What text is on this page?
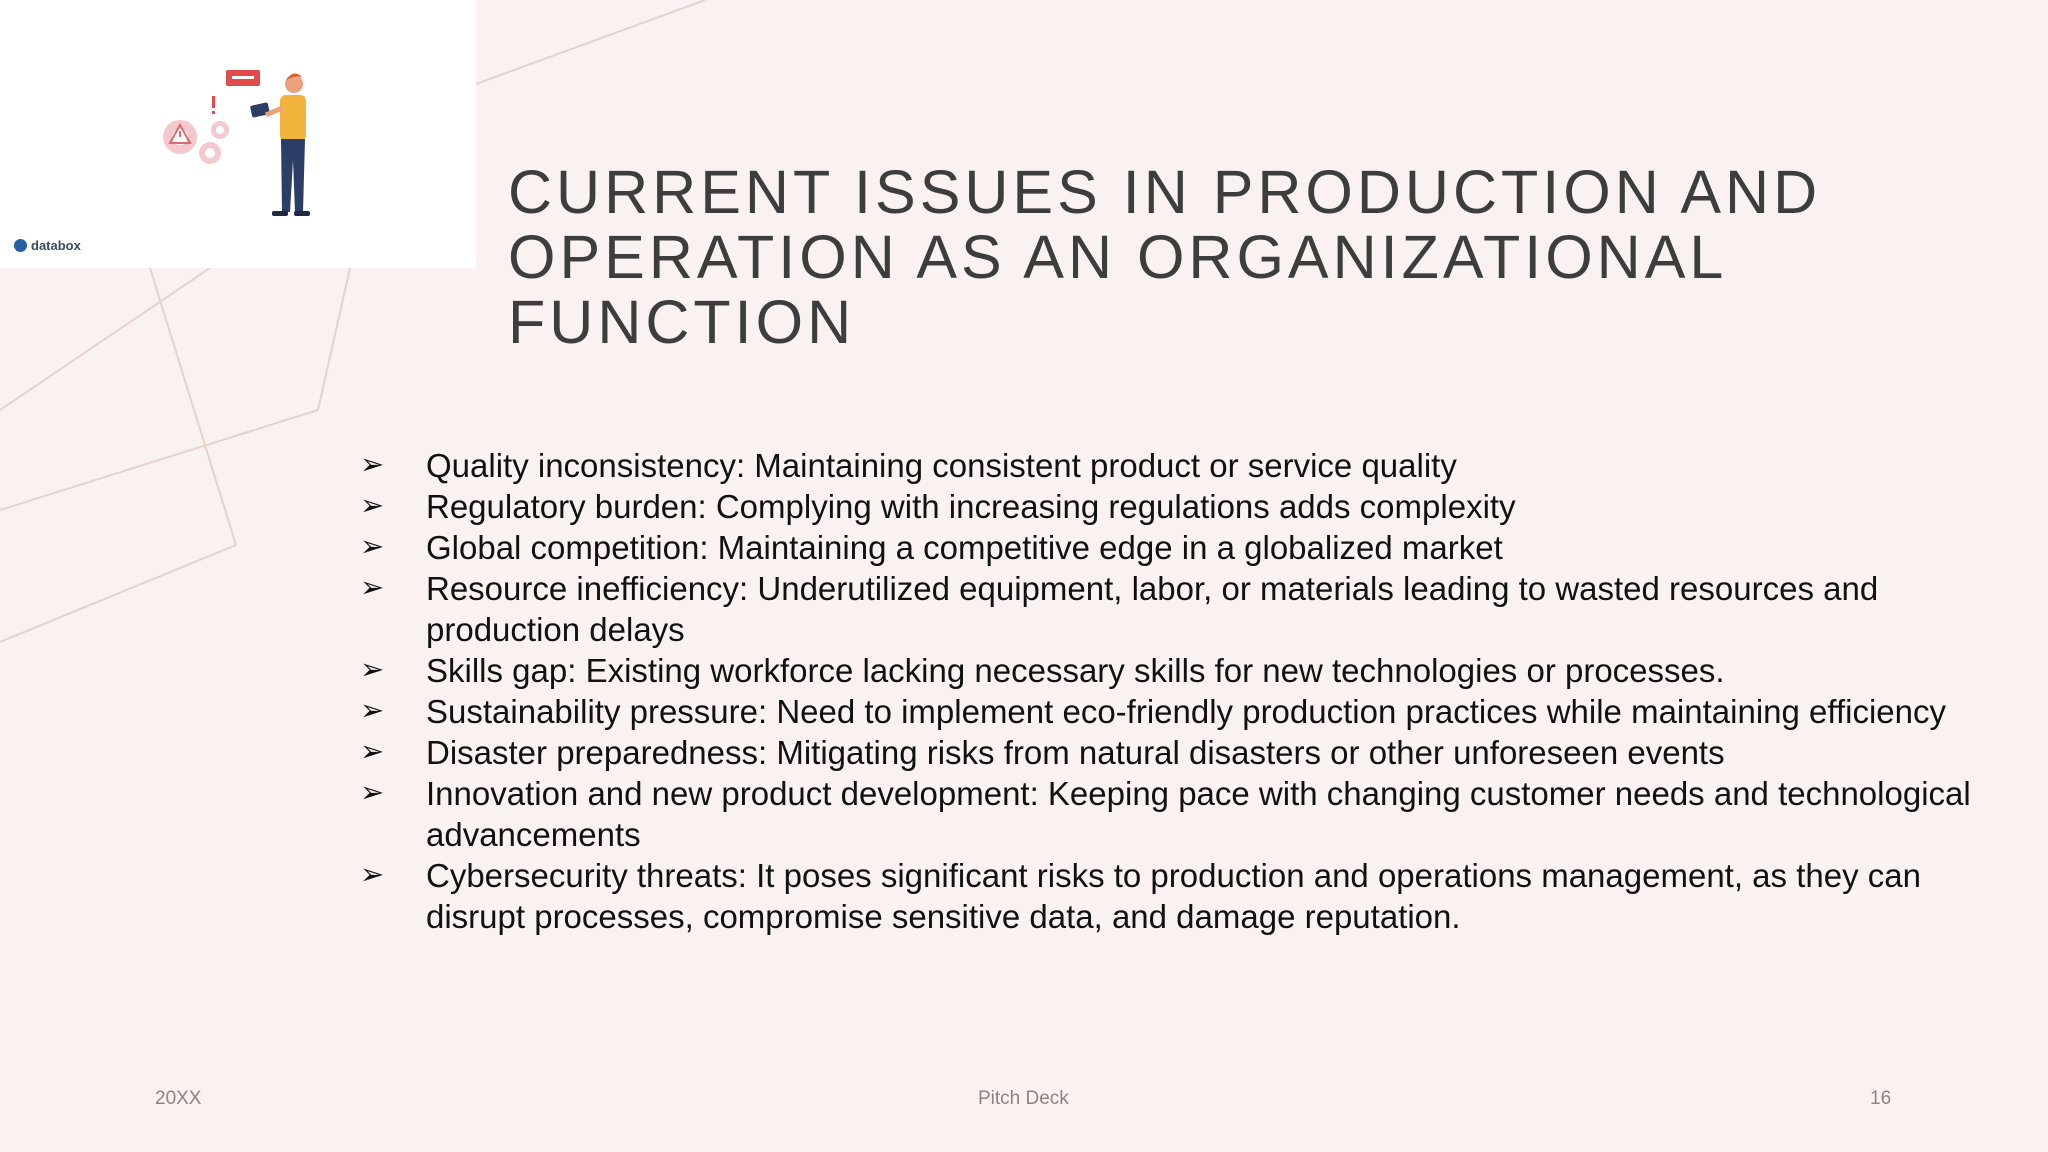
databox
CURRENT ISSUES IN PRODUCTION AND
OPERATION AS AN ORGANIZATIONAL
FUNCTION
➢ Quality inconsistency: Maintaining consistent product or service quality
➢ Regulatory burden: Complying with increasing regulations adds complexity
➢ Global competition: Maintaining a competitive edge in a globalized market
➢ Resource inefficiency: Underutilized equipment, labor, or materials leading to wasted resources and production delays
➢ Skills gap: Existing workforce lacking necessary skills for new technologies or processes.
➢ Sustainability pressure: Need to implement eco-friendly production practices while maintaining efficiency
➢ Disaster preparedness: Mitigating risks from natural disasters or other unforeseen events
➢ Innovation and new product development: Keeping pace with changing customer needs and technological advancements
➢ Cybersecurity threats: It poses significant risks to production and operations management, as they can disrupt processes, compromise sensitive data, and damage reputation.
20XX	Pitch Deck	16
